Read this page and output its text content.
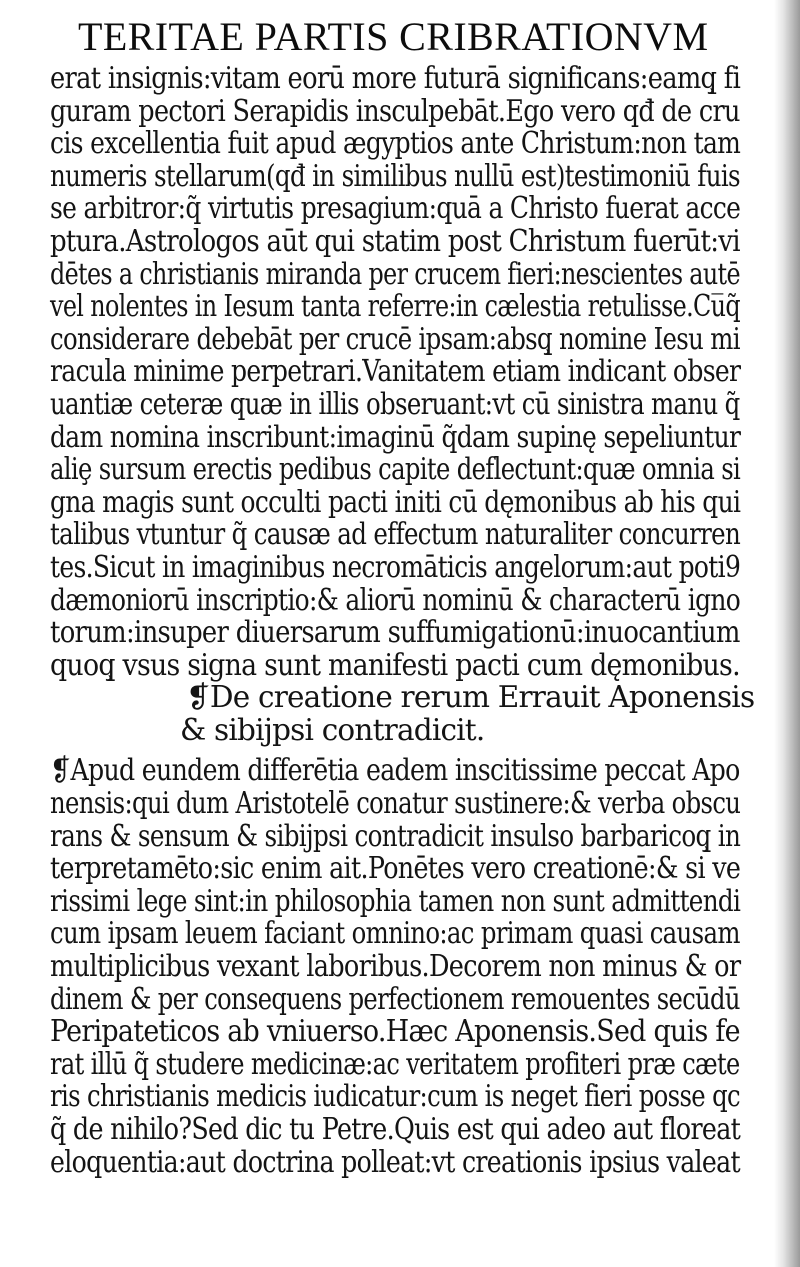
TERITAE PARTIS CRIBRATIONVM
erat insignis:vitam eorū more futurā significans:eamq̧ fi
guram pectori Serapidis insculpebāt.Ego vero qđ de cru
cis excellentia fuit apud ægyptios ante Christum:non tam
numeris stellarum(qđ in similibus nullū est)testimoniū fuis
se arbitror:q̃ virtutis presagium:quā a Christo fuerat acce
ptura.Astrologos aūt qui statim post Christum fuerūt:vi
dētes a christianis miranda per crucem fieri:nescientes autē
vel nolentes in Iesum tanta referre:in cælestia retulisse.Cu̅q̃
considerare debebāt per crucē ipsam:absq̧ nomine Iesu mi
racula minime perpetrari.Vanitatem etiam indicant obser
uantiæ ceteræ quæ in illis obseruant:vt cū sinistra manu q̃
dam nomina inscribunt:imaginū q̃dam supinę sepeliuntur
aliȩ sursum erectis pedibus capite deflectunt:quæ omnia si
gna magis sunt occulti pacti initi cū dęmonibus ab his qui
talibus vtuntur q̃ causæ ad effectum naturaliter concurren
tes.Sicut in imaginibus necromāticis angelorum:aut poti9
dæmoniorū inscriptio:& aliorū nominū & characterū igno
torum:insuper diuersarum suffumigationū:inuocantium
quoq̧ vsus signa sunt manifesti pacti cum dęmonibus.
❡De creatione rerum Errauit Aponensis
& sibijpsi contradicit.
❡Apud eundem differētia eadem inscitissime peccat Apo
nensis:qui dum Aristotelē conatur sustinere:& verba obscu
rans & sensum & sibijpsi contradicit insulso barbaricoq̧ in
terpretamēto:sic enim ait.Ponētes vero creationē:& si ve
rissimi lege sint:in philosophia tamen non sunt admittendi
cum ipsam leuem faciant omnino:ac primam quasi causam
multiplicibus vexant laboribus.Decorem non minus & or
dinem & per consequens perfectionem remouentes secūdū
Peripateticos ab vniuerso.Hæc Aponensis.Sed quis fe
rat illū q̃ studere medicinæ:ac veritatem profiteri præ cæte
ris christianis medicis iudicatur:cum is neget fieri posse qc
q̃ de nihilo?Sed dic tu Petre.Quis est qui adeo aut floreat
eloquentia:aut doctrina polleat:vt creationis ipsius valeat
